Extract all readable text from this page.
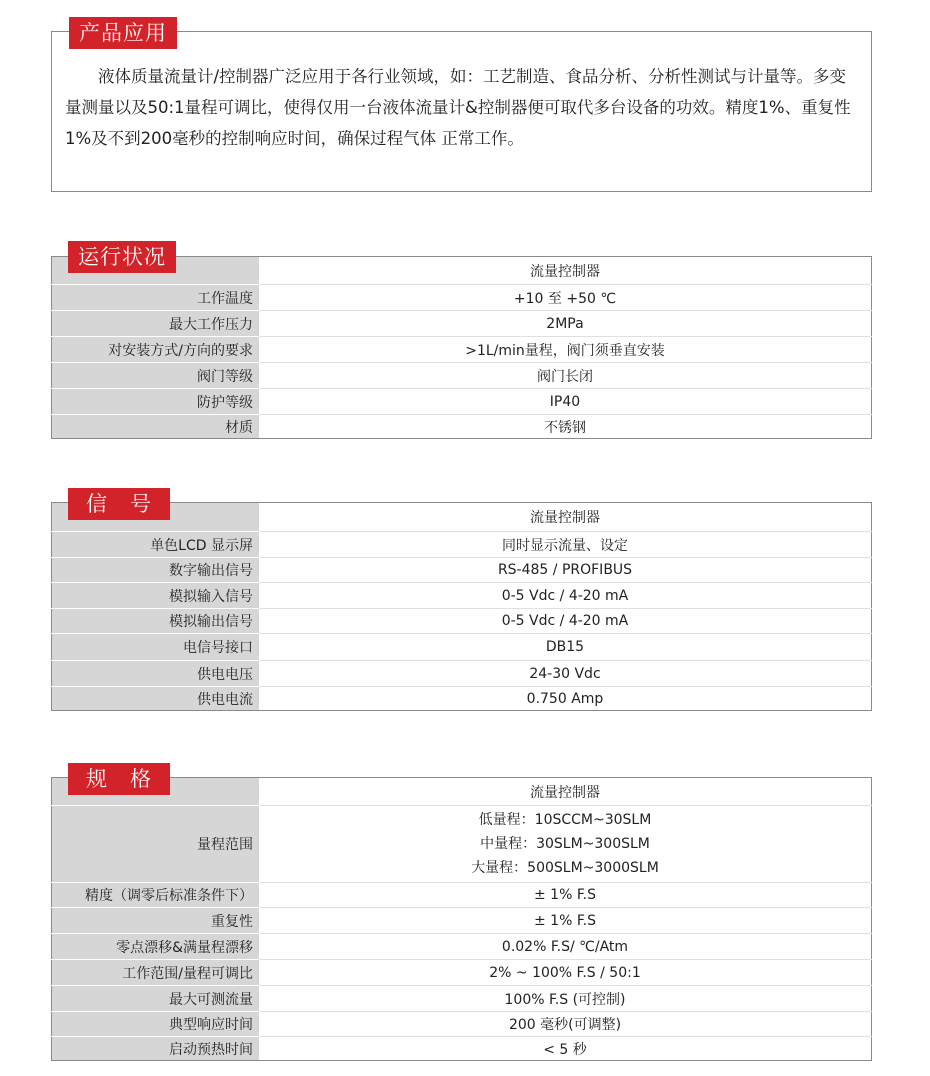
产品应用

液体质量流量计/控制器广泛应用于各行业领域，如：工艺制造、食品分析、分析性测试与计量等。多变量测量以及50:1量程可调比，使得仅用一台液体流量计&控制器便可取代多台设备的功效。精度1%、重复性1%及不到200毫秒的控制响应时间，确保过程气体 正常工作。

运行状况
	流量控制器
工作温度	+10 至 +50 ℃
最大工作压力	2MPa
对安装方式/方向的要求	>1L/min量程，阀门须垂直安装
阀门等级	阀门长闭
防护等级	IP40
材质	不锈钢
信　号
	流量控制器
单色LCD 显示屏	同时显示流量、设定
数字输出信号	RS-485 / PROFIBUS
模拟输入信号	0-5 Vdc / 4-20 mA
模拟输出信号	0-5 Vdc / 4-20 mA
电信号接口	DB15
供电电压	24-30 Vdc
供电电流	0.750 Amp
规　格
	流量控制器
量程范围	低量程：10SCCM~30SLM
中量程：30SLM~300SLM
大量程：500SLM~3000SLM

精度（调零后标准条件下）	± 1% F.S
重复性	± 1% F.S
零点漂移&满量程漂移	0.02% F.S/ ℃/Atm
工作范围/量程可调比	2% ~ 100% F.S / 50:1
最大可测流量	100% F.S (可控制)
典型响应时间	200 毫秒(可调整)
启动预热时间	< 5 秒
